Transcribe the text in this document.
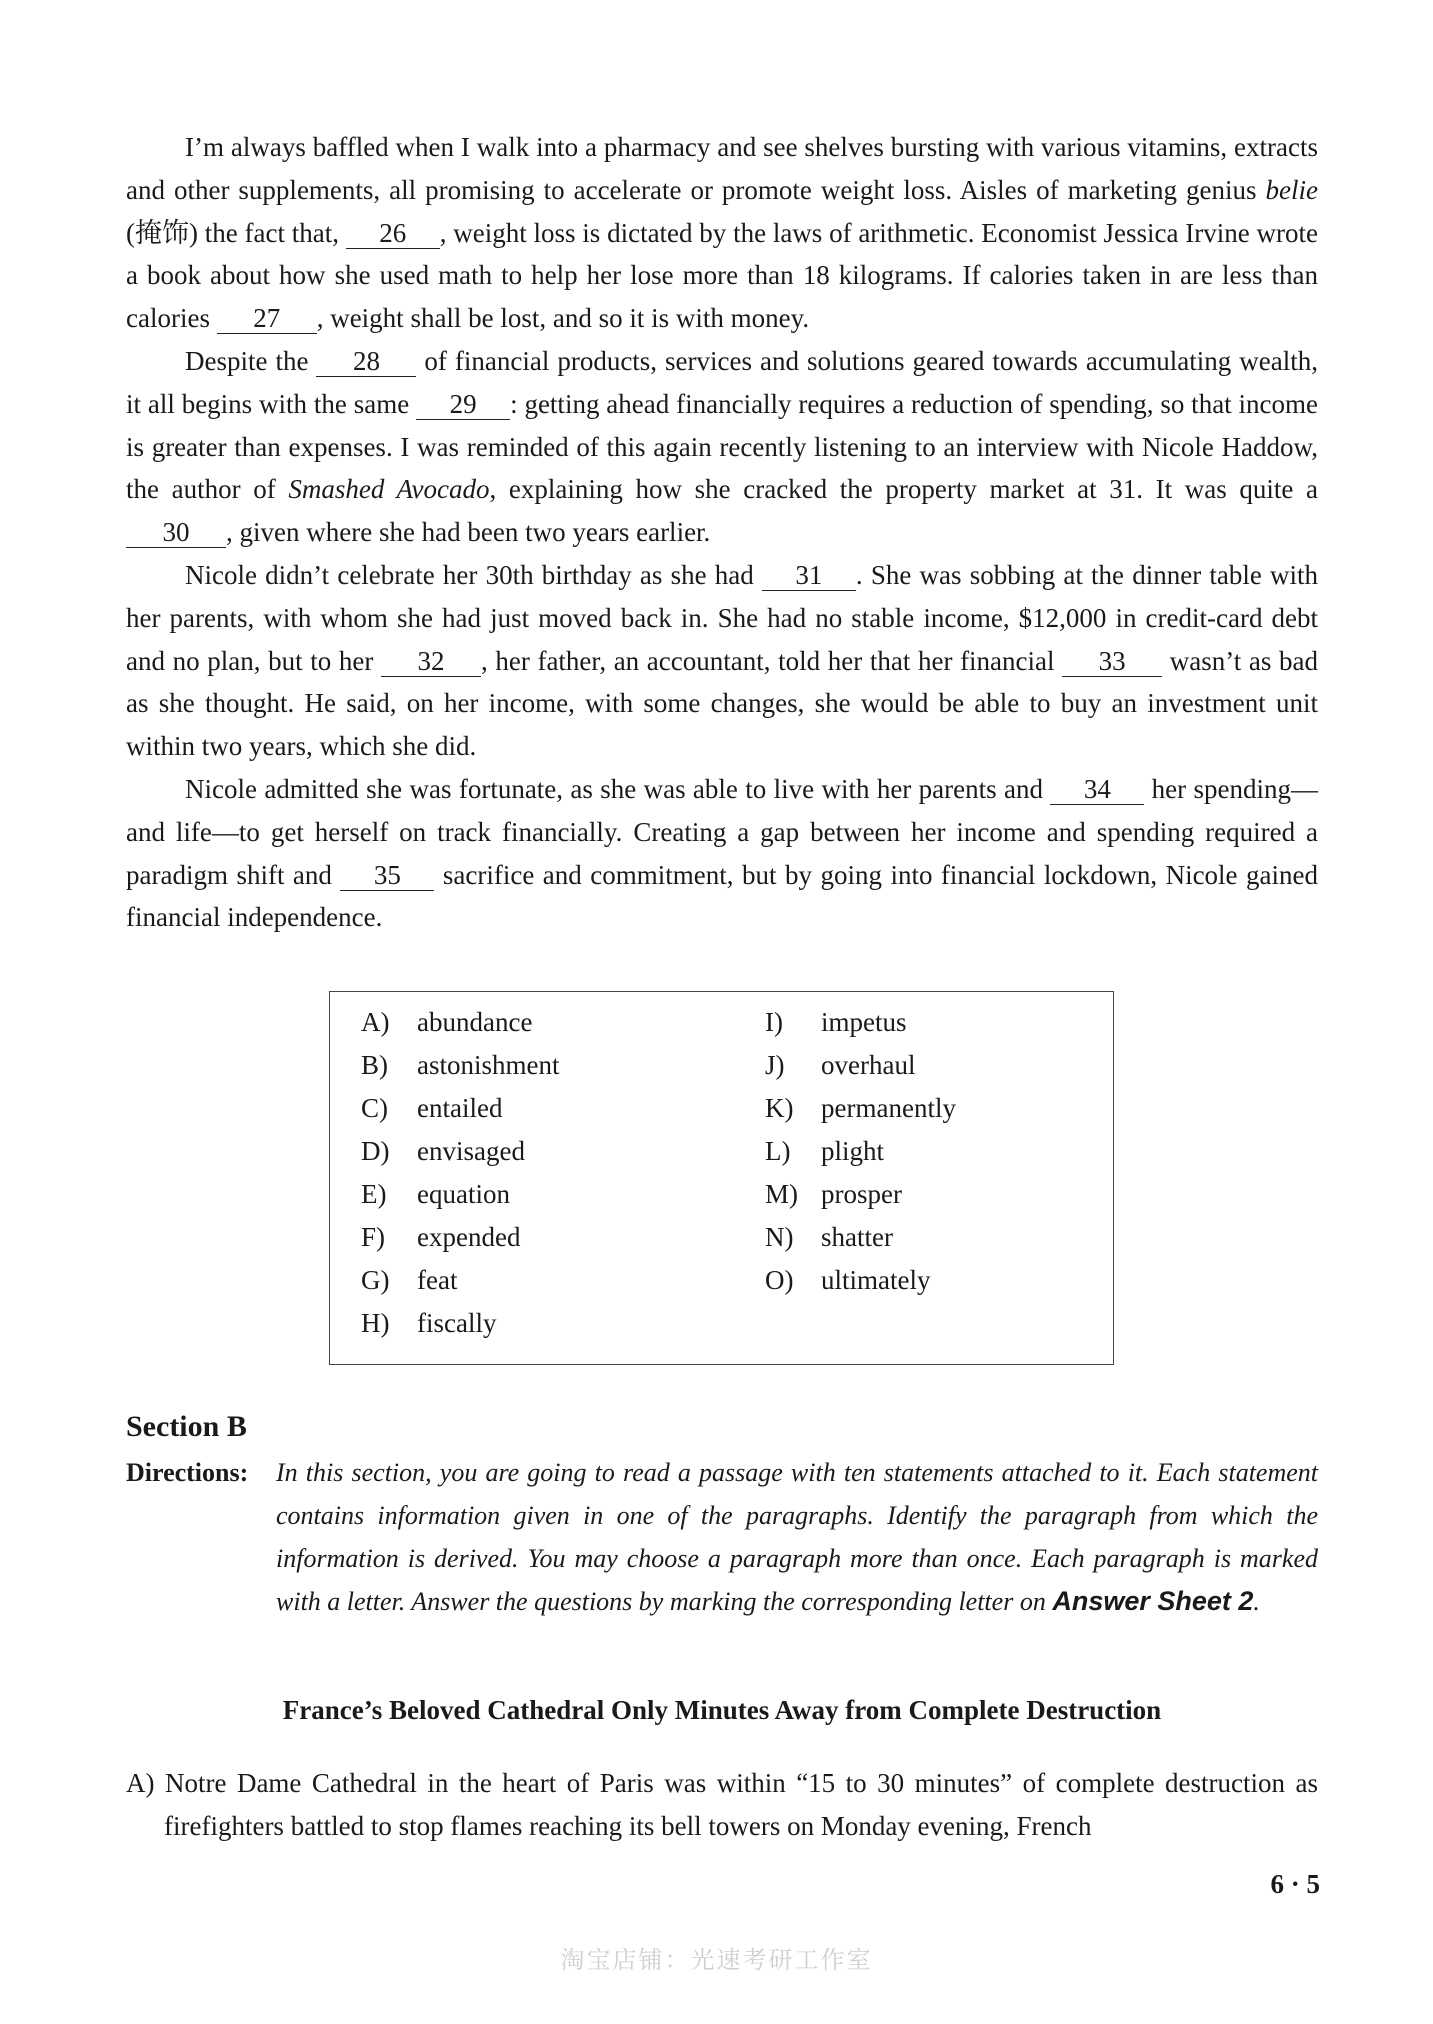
I’m always baffled when I walk into a pharmacy and see shelves bursting with various vitamins, extracts and other supplements, all promising to accelerate or promote weight loss. Aisles of marketing genius belie (掩饰) the fact that, 26 , weight loss is dictated by the laws of arithmetic. Economist Jessica Irvine wrote a book about how she used math to help her lose more than 18 kilograms. If calories taken in are less than calories 27 , weight shall be lost, and so it is with money.

Despite the 28 of financial products, services and solutions geared towards accumulating wealth, it all begins with the same 29 : getting ahead financially requires a reduction of spending, so that income is greater than expenses. I was reminded of this again recently listening to an interview with Nicole Haddow, the author of Smashed Avocado, explaining how she cracked the property market at 31. It was quite a 30 , given where she had been two years earlier.

Nicole didn’t celebrate her 30th birthday as she had 31 . She was sobbing at the dinner table with her parents, with whom she had just moved back in. She had no stable income, $12,000 in credit-card debt and no plan, but to her 32 , her father, an accountant, told her that her financial 33 wasn’t as bad as she thought. He said, on her income, with some changes, she would be able to buy an investment unit within two years, which she did.

Nicole admitted she was fortunate, as she was able to live with her parents and 34 her spending—and life—to get herself on track financially. Creating a gap between her income and spending required a paradigm shift and 35 sacrifice and commitment, but by going into financial lockdown, Nicole gained financial independence.

A) abundance
B) astonishment
C) entailed
D) envisaged
E) equation
F) expended
G) feat
H) fiscally
I) impetus
J) overhaul
K) permanently
L) plight
M) prosper
N) shatter
O) ultimately
Section B
Directions: In this section, you are going to read a passage with ten statements attached to it. Each statement contains information given in one of the paragraphs. Identify the paragraph from which the information is derived. You may choose a paragraph more than once. Each paragraph is marked with a letter. Answer the questions by marking the corresponding letter on Answer Sheet 2.
France’s Beloved Cathedral Only Minutes Away from Complete Destruction
A) Notre Dame Cathedral in the heart of Paris was within “15 to 30 minutes” of complete destruction as firefighters battled to stop flames reaching its bell towers on Monday evening, French
6 · 5
淘宝店铺：光速考研工作室
